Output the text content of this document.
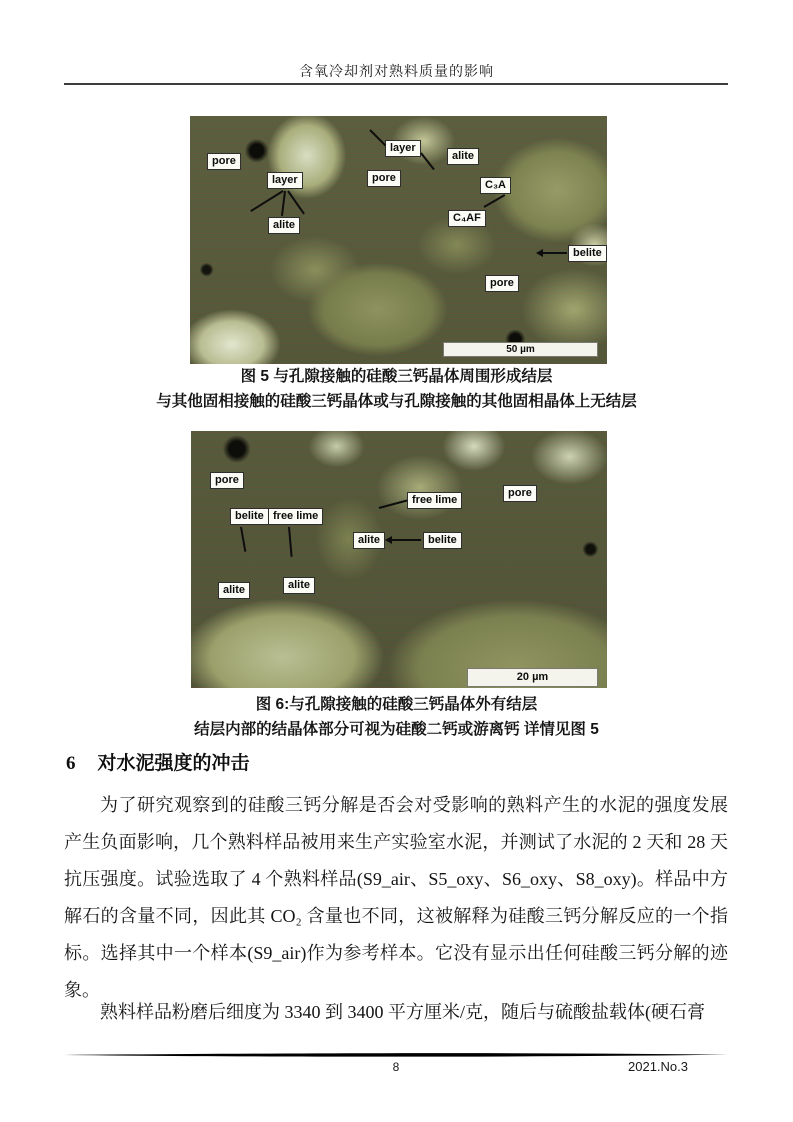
含氧冷却剂对熟料质量的影响
pore
layer
alite
pore
layer
alite
C₃A
C₄AF
belite
pore
50 µm
图 5 与孔隙接触的硅酸三钙晶体周围形成结层
与其他固相接触的硅酸三钙晶体或与孔隙接触的其他固相晶体上无结层
pore
free lime
pore
belite free lime
alite	belite
alite	alite
20 µm
图 6:与孔隙接触的硅酸三钙晶体外有结层
结层内部的结晶体部分可视为硅酸二钙或游离钙 详情见图 5
6 对水泥强度的冲击

为了研究观察到的硅酸三钙分解是否会对受影响的熟料产生的水泥的强度发展产生负面影响，几个熟料样品被用来生产实验室水泥，并测试了水泥的 2 天和 28 天抗压强度。试验选取了 4 个熟料样品(S9_air、S5_oxy、S6_oxy、S8_oxy)。样品中方解石的含量不同，因此其 CO₂ 含量也不同，这被解释为硅酸三钙分解反应的一个指标。选择其中一个样本(S9_air)作为参考样本。它没有显示出任何硅酸三钙分解的迹象。

熟料样品粉磨后细度为 3340 到 3400 平方厘米/克，随后与硫酸盐载体(硬石膏

8	2021.No.3
